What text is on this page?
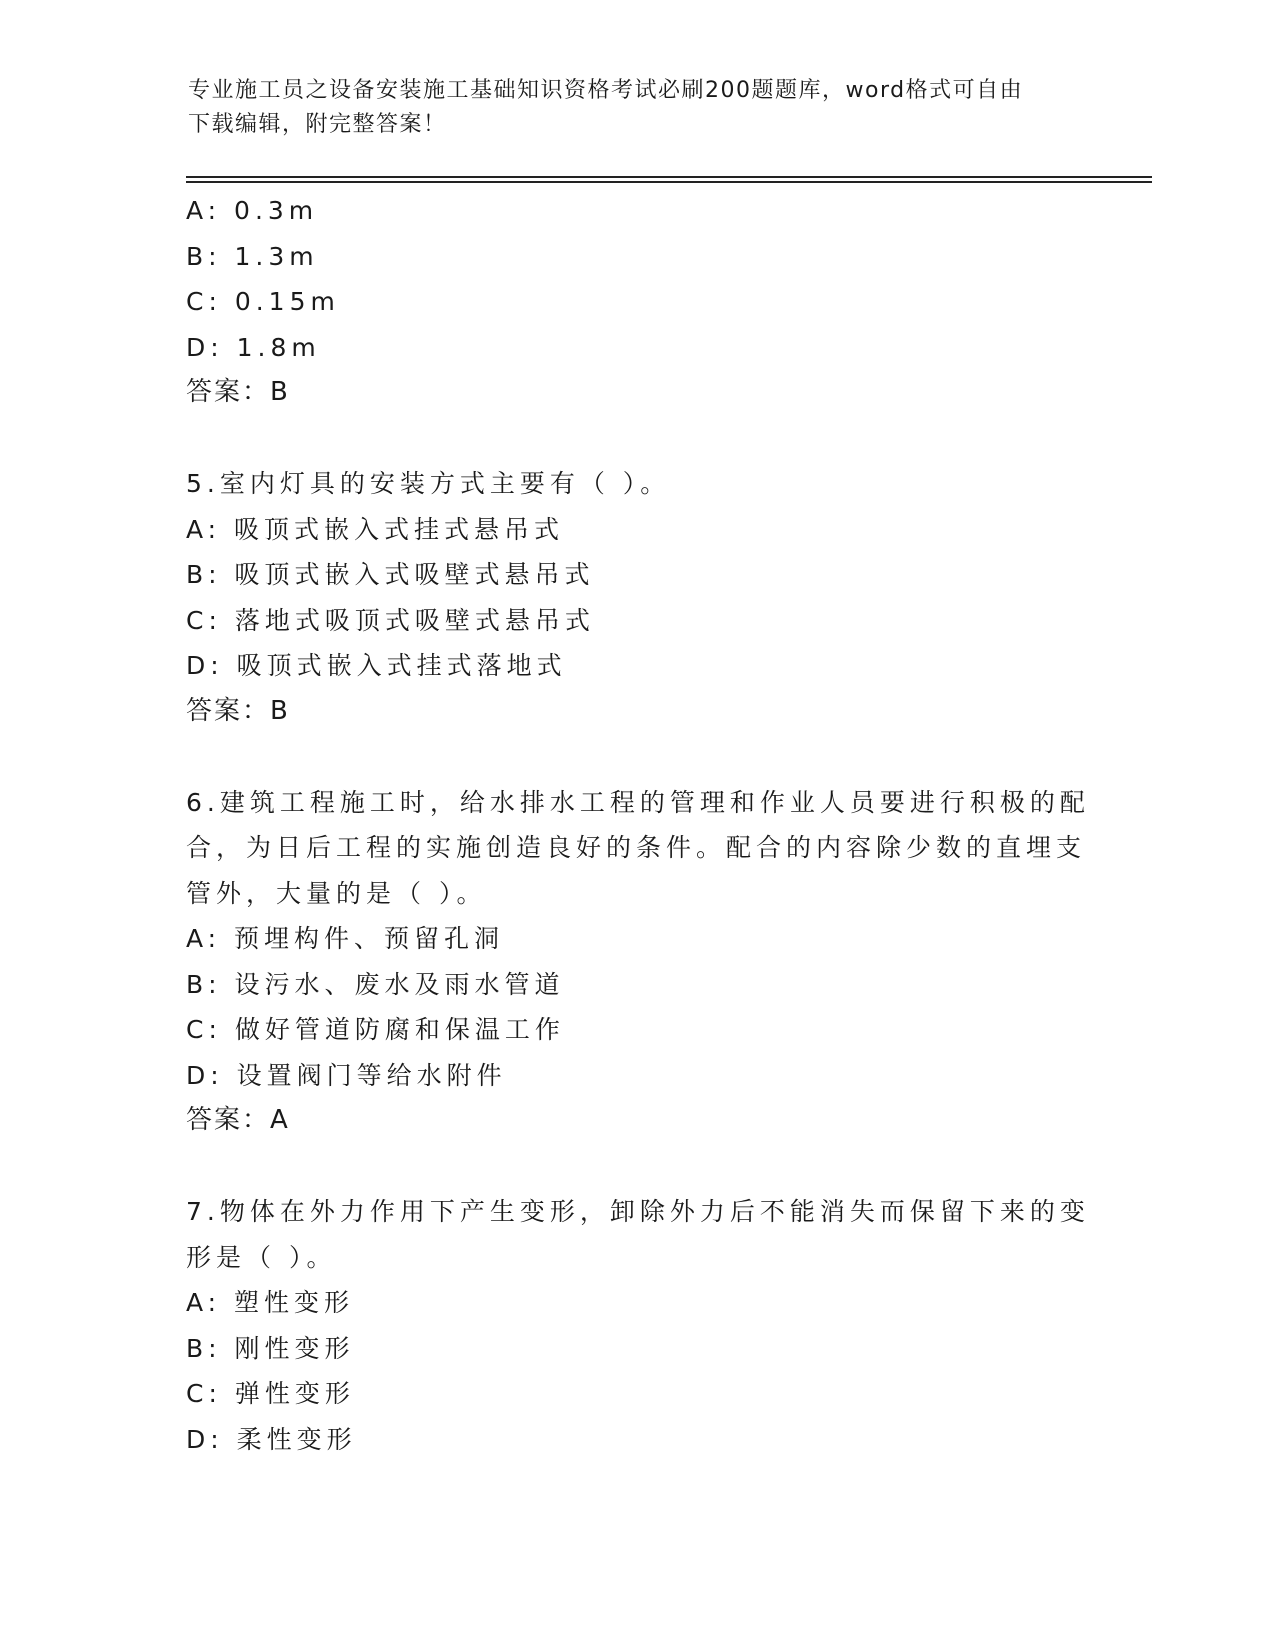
专业施工员之设备安装施工基础知识资格考试必刷200题题库，word格式可自由

下载编辑，附完整答案！

A: 0.3m
B: 1.3m
C: 0.15m
D: 1.8m
答案：B
5.室内灯具的安装方式主要有（ ）。
A: 吸顶式嵌入式挂式悬吊式
B: 吸顶式嵌入式吸壁式悬吊式
C: 落地式吸顶式吸壁式悬吊式
D: 吸顶式嵌入式挂式落地式
答案：B
6.建筑工程施工时，给水排水工程的管理和作业人员要进行积极的配
合，为日后工程的实施创造良好的条件。配合的内容除少数的直埋支
管外，大量的是（ ）。
A: 预埋构件、预留孔洞
B: 设污水、废水及雨水管道
C: 做好管道防腐和保温工作
D: 设置阀门等给水附件
答案：A
7.物体在外力作用下产生变形，卸除外力后不能消失而保留下来的变
形是（ ）。
A: 塑性变形
B: 刚性变形
C: 弹性变形
D: 柔性变形
